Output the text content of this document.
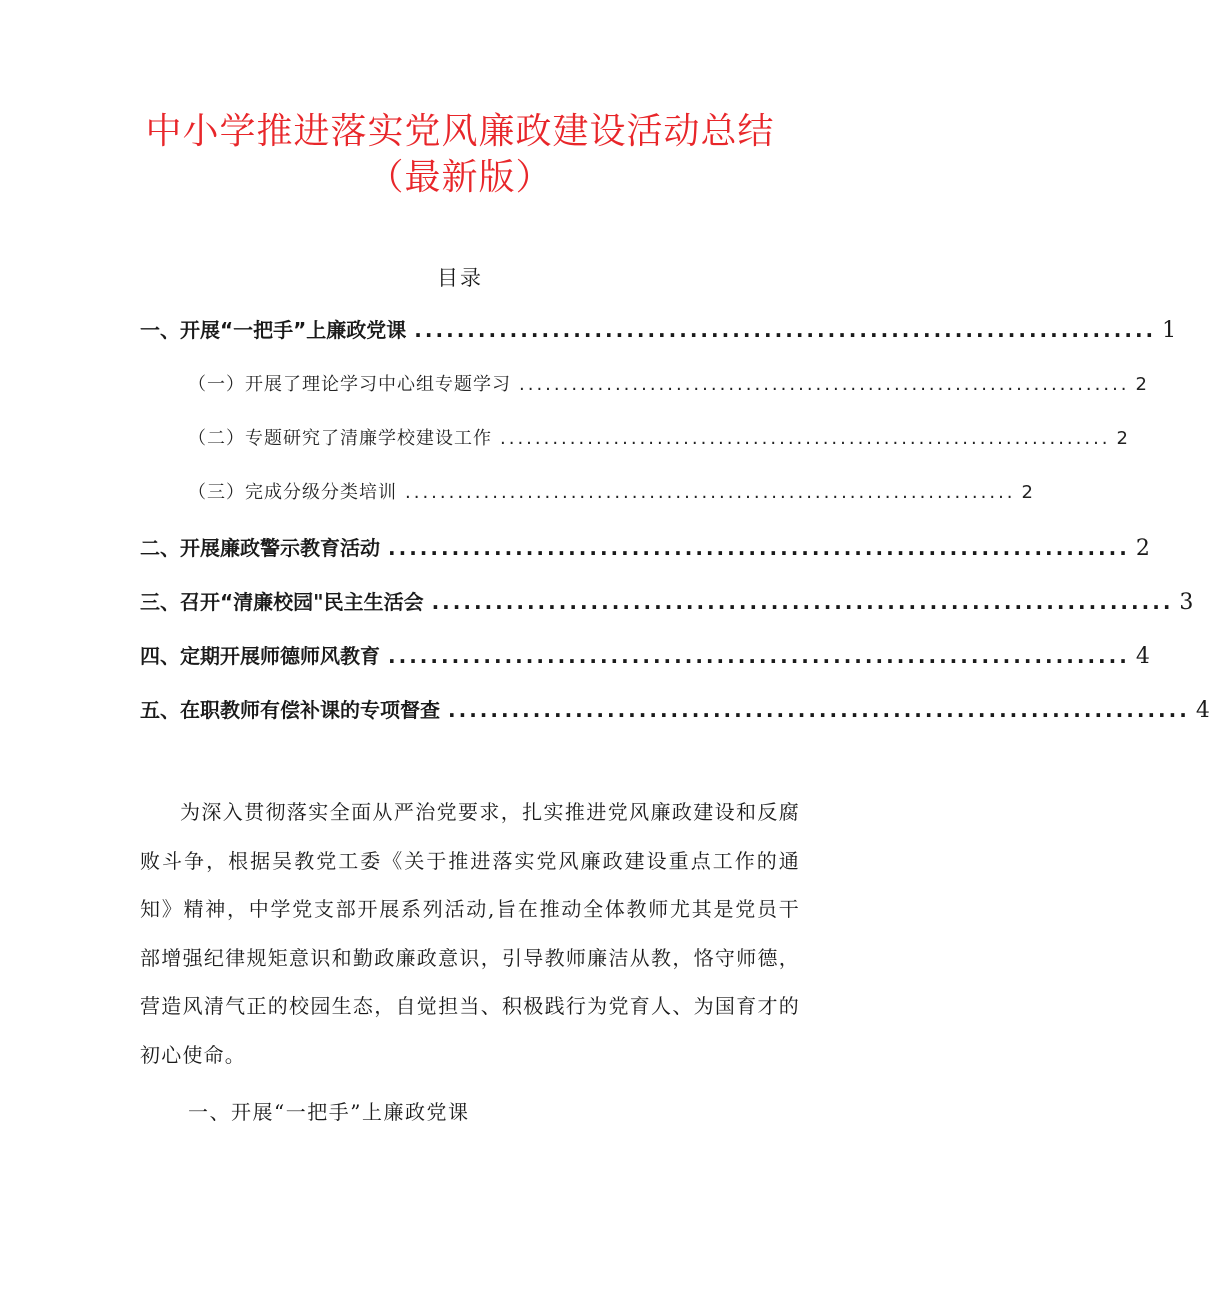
中小学推进落实党风廉政建设活动总结
（最新版）
目录
一、开展“一把手”上廉政党课 ...................................................................... 1
（一）开展了理论学习中心组专题学习 ...................................................................... 2
（二）专题研究了清廉学校建设工作 ...................................................................... 2
（三）完成分级分类培训 ...................................................................... 2
二、开展廉政警示教育活动 ...................................................................... 2
三、召开“清廉校园"民主生活会 ...................................................................... 3
四、定期开展师德师风教育 ...................................................................... 4
五、在职教师有偿补课的专项督查 ...................................................................... 4

为深入贯彻落实全面从严治党要求，扎实推进党风廉政建设和反腐败斗争，根据吴教党工委《关于推进落实党风廉政建设重点工作的通知》精神，中学党支部开展系列活动,旨在推动全体教师尤其是党员干部增强纪律规矩意识和勤政廉政意识，引导教师廉洁从教，恪守师德，营造风清气正的校园生态，自觉担当、积极践行为党育人、为国育才的初心使命。

一、开展“一把手”上廉政党课
